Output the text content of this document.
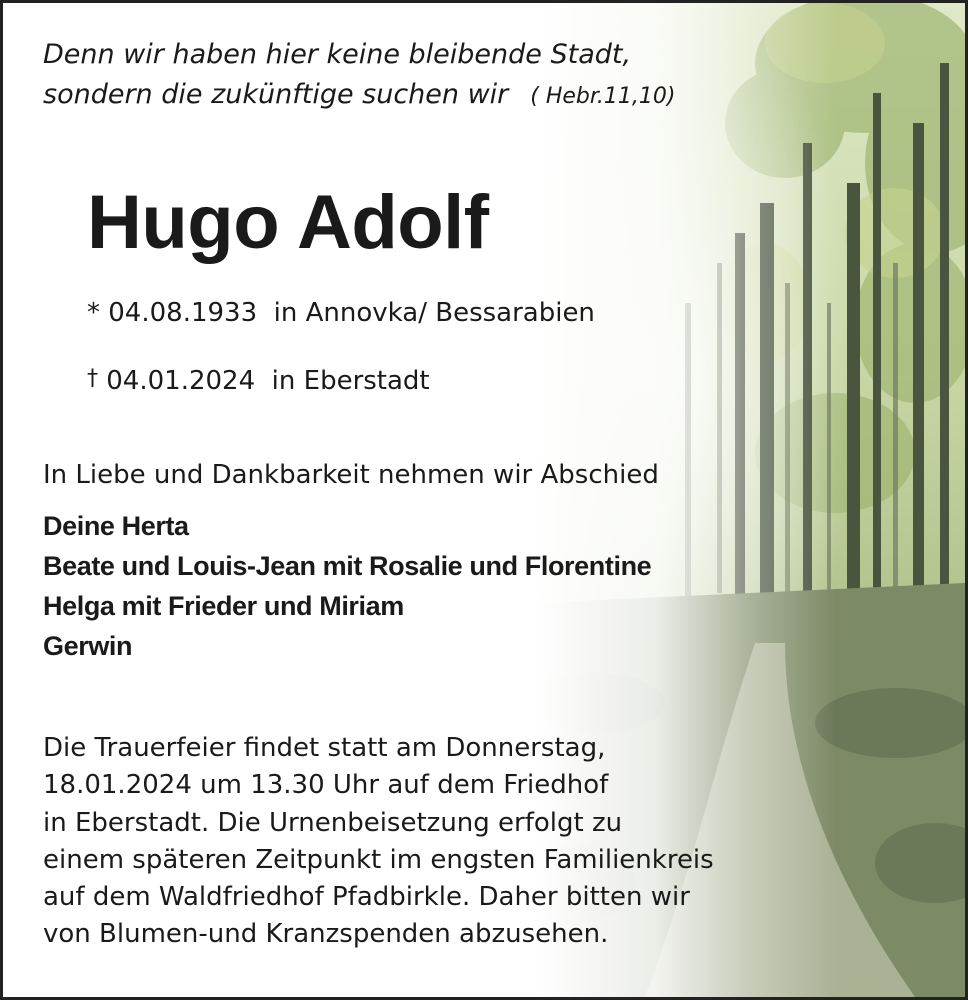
Denn wir haben hier keine bleibende Stadt,
sondern die zukünftige suchen wir ( Hebr.11,10)
Hugo Adolf
* 04.08.1933 in Annovka/ Bessarabien
† 04.01.2024 in Eberstadt
In Liebe und Dankbarkeit nehmen wir Abschied
Deine Herta
Beate und Louis-Jean mit Rosalie und Florentine
Helga mit Frieder und Miriam
Gerwin
Die Trauerfeier findet statt am Donnerstag,
18.01.2024 um 13.30 Uhr auf dem Friedhof
in Eberstadt. Die Urnenbeisetzung erfolgt zu
einem späteren Zeitpunkt im engsten Familienkreis
auf dem Waldfriedhof Pfadbirkle. Daher bitten wir
von Blumen-und Kranzspenden abzusehen.
